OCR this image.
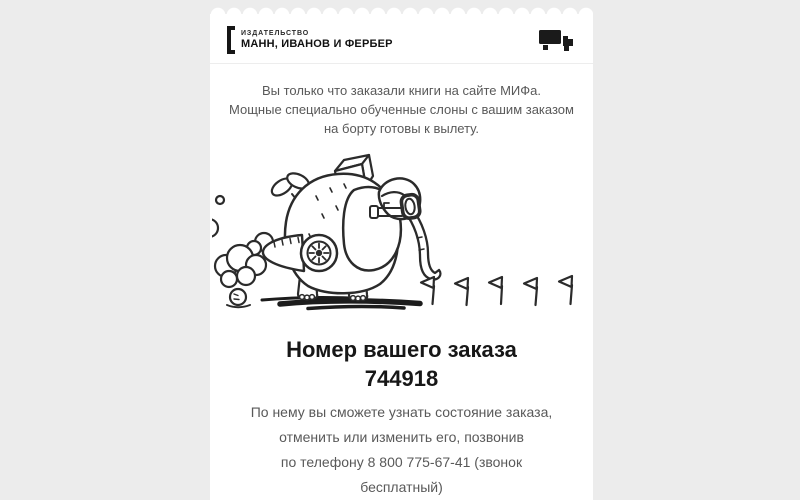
ИЗДАТЕЛЬСТВО
МАНН, ИВАНОВ И ФЕРБЕР
Вы только что заказали книги на сайте МИФа.
Мощные специально обученные слоны с вашим заказом
на борту готовы к вылету.
Номер вашего заказа
744918
По нему вы сможете узнать состояние заказа,
отменить или изменить его, позвонив
по телефону 8 800 775-67-41 (звонок
бесплатный)
